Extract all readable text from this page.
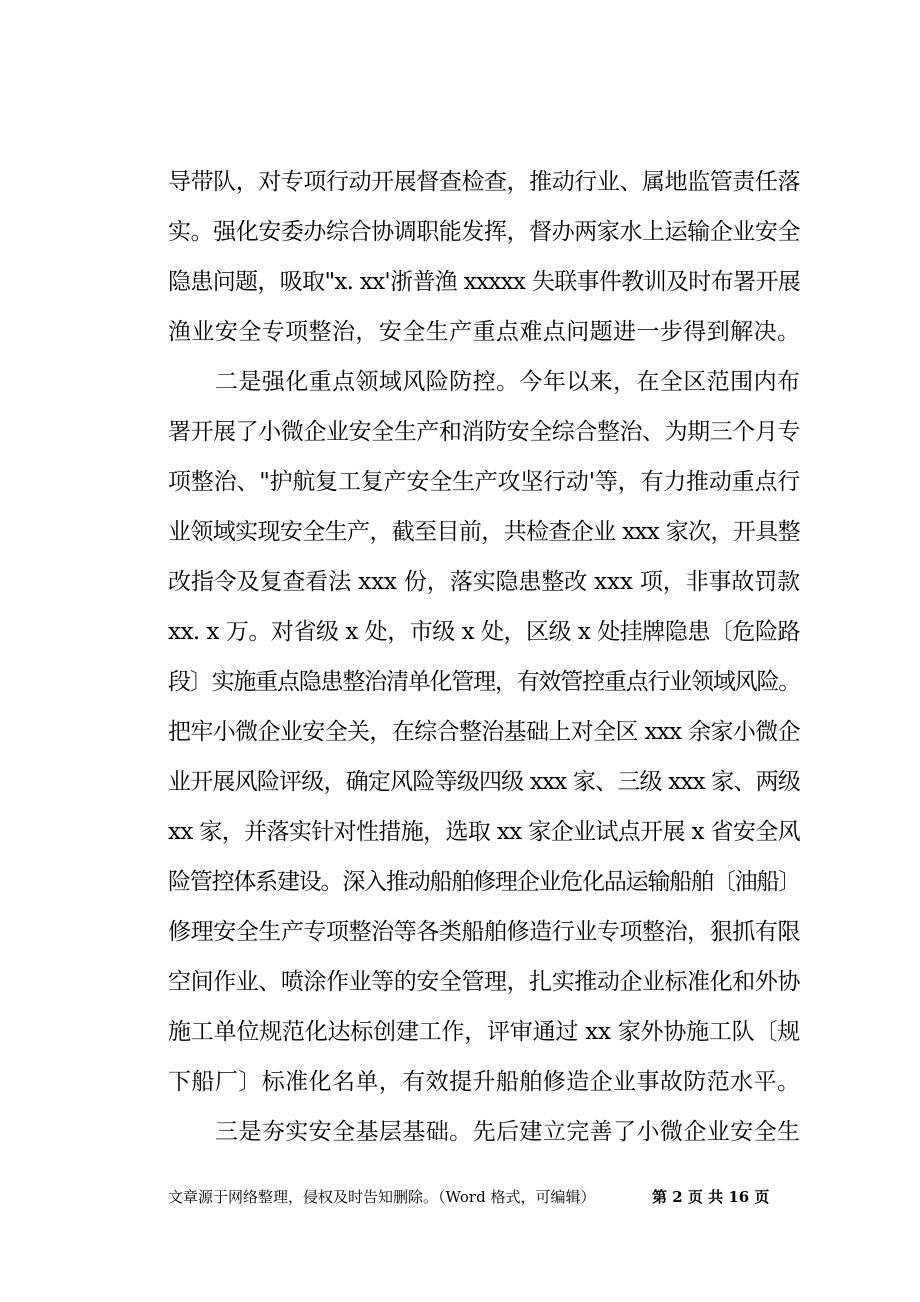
导带队，对专项行动开展督查检查，推动行业、属地监管责任落
实。强化安委办综合协调职能发挥，督办两家水上运输企业安全
隐患问题，吸取"x. xx'浙普渔 xxxxx 失联事件教训及时布署开展
渔业安全专项整治，安全生产重点难点问题进一步得到解决。
二是强化重点领域风险防控。今年以来，在全区范围内布
署开展了小微企业安全生产和消防安全综合整治、为期三个月专
项整治、"护航复工复产安全生产攻坚行动'等，有力推动重点行
业领域实现安全生产，截至目前，共检查企业 xxx 家次，开具整
改指令及复查看法 xxx 份，落实隐患整改 xxx 项，非事故罚款
xx. x 万。对省级 x 处，市级 x 处，区级 x 处挂牌隐患〔危险路
段〕实施重点隐患整治清单化管理，有效管控重点行业领域风险。
把牢小微企业安全关，在综合整治基础上对全区 xxx 余家小微企
业开展风险评级，确定风险等级四级 xxx 家、三级 xxx 家、两级
xx 家，并落实针对性措施，选取 xx 家企业试点开展 x 省安全风
险管控体系建设。深入推动船舶修理企业危化品运输船舶〔油船〕
修理安全生产专项整治等各类船舶修造行业专项整治，狠抓有限
空间作业、喷涂作业等的安全管理，扎实推动企业标准化和外协
施工单位规范化达标创建工作，评审通过 xx 家外协施工队〔规
下船厂〕标准化名单，有效提升船舶修造企业事故防范水平。
三是夯实安全基层基础。先后建立完善了小微企业安全生
文章源于网络整理，侵权及时告知删除。（Word 格式，可编辑）	第 2 页 共 16 页
